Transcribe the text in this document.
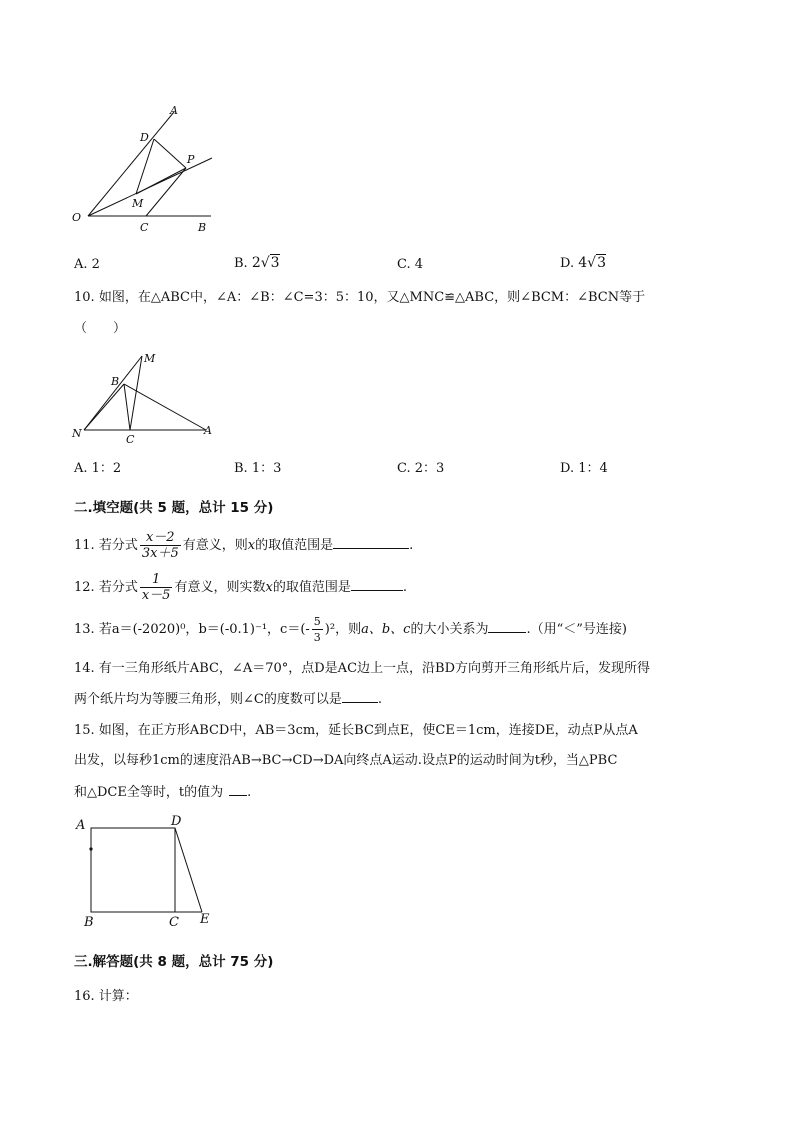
A
D
P
M
O
C	B
A. 2	B. 2√3	C. 4	D. 4√3
10. 如图，在△ABC中，∠A：∠B：∠C=3：5：10，又△MNC≌△ABC，则∠BCM：∠BCN等于
（　　）
M
B
N	C
A
A. 1：2	B. 1：3	C. 2：3	D. 1：4
二.填空题(共 5 题，总计 15 分)
11. 若分式 $\frac{x-2}{3x+5}$ 有意义，则x的取值范围是	.
12. 若分式 $\frac{1}{x-5}$ 有意义，则实数x的取值范围是	.
13. 若a＝(-2020)⁰，b＝(-0.1)⁻¹，$c=(- \frac{5}{3} )^2$，则a、b、c的大小关系为	.（用“＜”号连接)
14. 有一三角形纸片ABC，∠A＝70°，点D是AC边上一点，沿BD方向剪开三角形纸片后，发现所得
两个纸片均为等腰三角形，则∠C的度数可以是	.
15. 如图，在正方形ABCD中，AB＝3cm，延长BC到点E，使CE＝1cm，连接DE，动点P从点A
出发，以每秒1cm的速度沿AB→BC→CD→DA向终点A运动.设点P的运动时间为t秒，当△PBC
和△DCE全等时，t的值为 .
A	D
B	C E
三.解答题(共 8 题，总计 75 分)
16. 计算：
